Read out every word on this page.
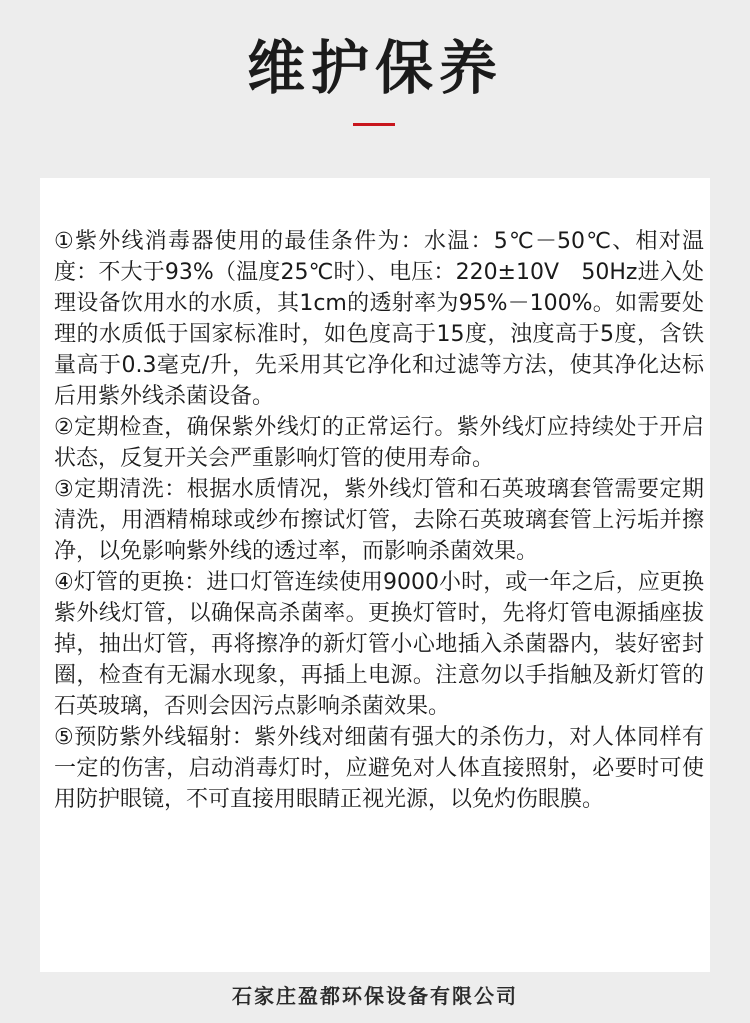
维护保养
①紫外线消毒器使用的最佳条件为：水温：5℃－50℃、相对温度：不大于93%（温度25℃时）、电压：220±10V　50Hz进入处理设备饮用水的水质，其1cm的透射率为95%－100%。如需要处理的水质低于国家标准时，如色度高于15度，浊度高于5度，含铁量高于0.3毫克/升，先采用其它净化和过滤等方法，使其净化达标后用紫外线杀菌设备。
②定期检查，确保紫外线灯的正常运行。紫外线灯应持续处于开启状态，反复开关会严重影响灯管的使用寿命。
③定期清洗：根据水质情况，紫外线灯管和石英玻璃套管需要定期清洗，用酒精棉球或纱布擦试灯管，去除石英玻璃套管上污垢并擦净，以免影响紫外线的透过率，而影响杀菌效果。
④灯管的更换：进口灯管连续使用9000小时，或一年之后，应更换紫外线灯管，以确保高杀菌率。更换灯管时，先将灯管电源插座拔掉，抽出灯管，再将擦净的新灯管小心地插入杀菌器内，装好密封圈，检查有无漏水现象，再插上电源。注意勿以手指触及新灯管的石英玻璃，否则会因污点影响杀菌效果。
⑤预防紫外线辐射：紫外线对细菌有强大的杀伤力，对人体同样有一定的伤害，启动消毒灯时，应避免对人体直接照射，必要时可使用防护眼镜，不可直接用眼睛正视光源，以免灼伤眼膜。
石家庄盈都环保设备有限公司
